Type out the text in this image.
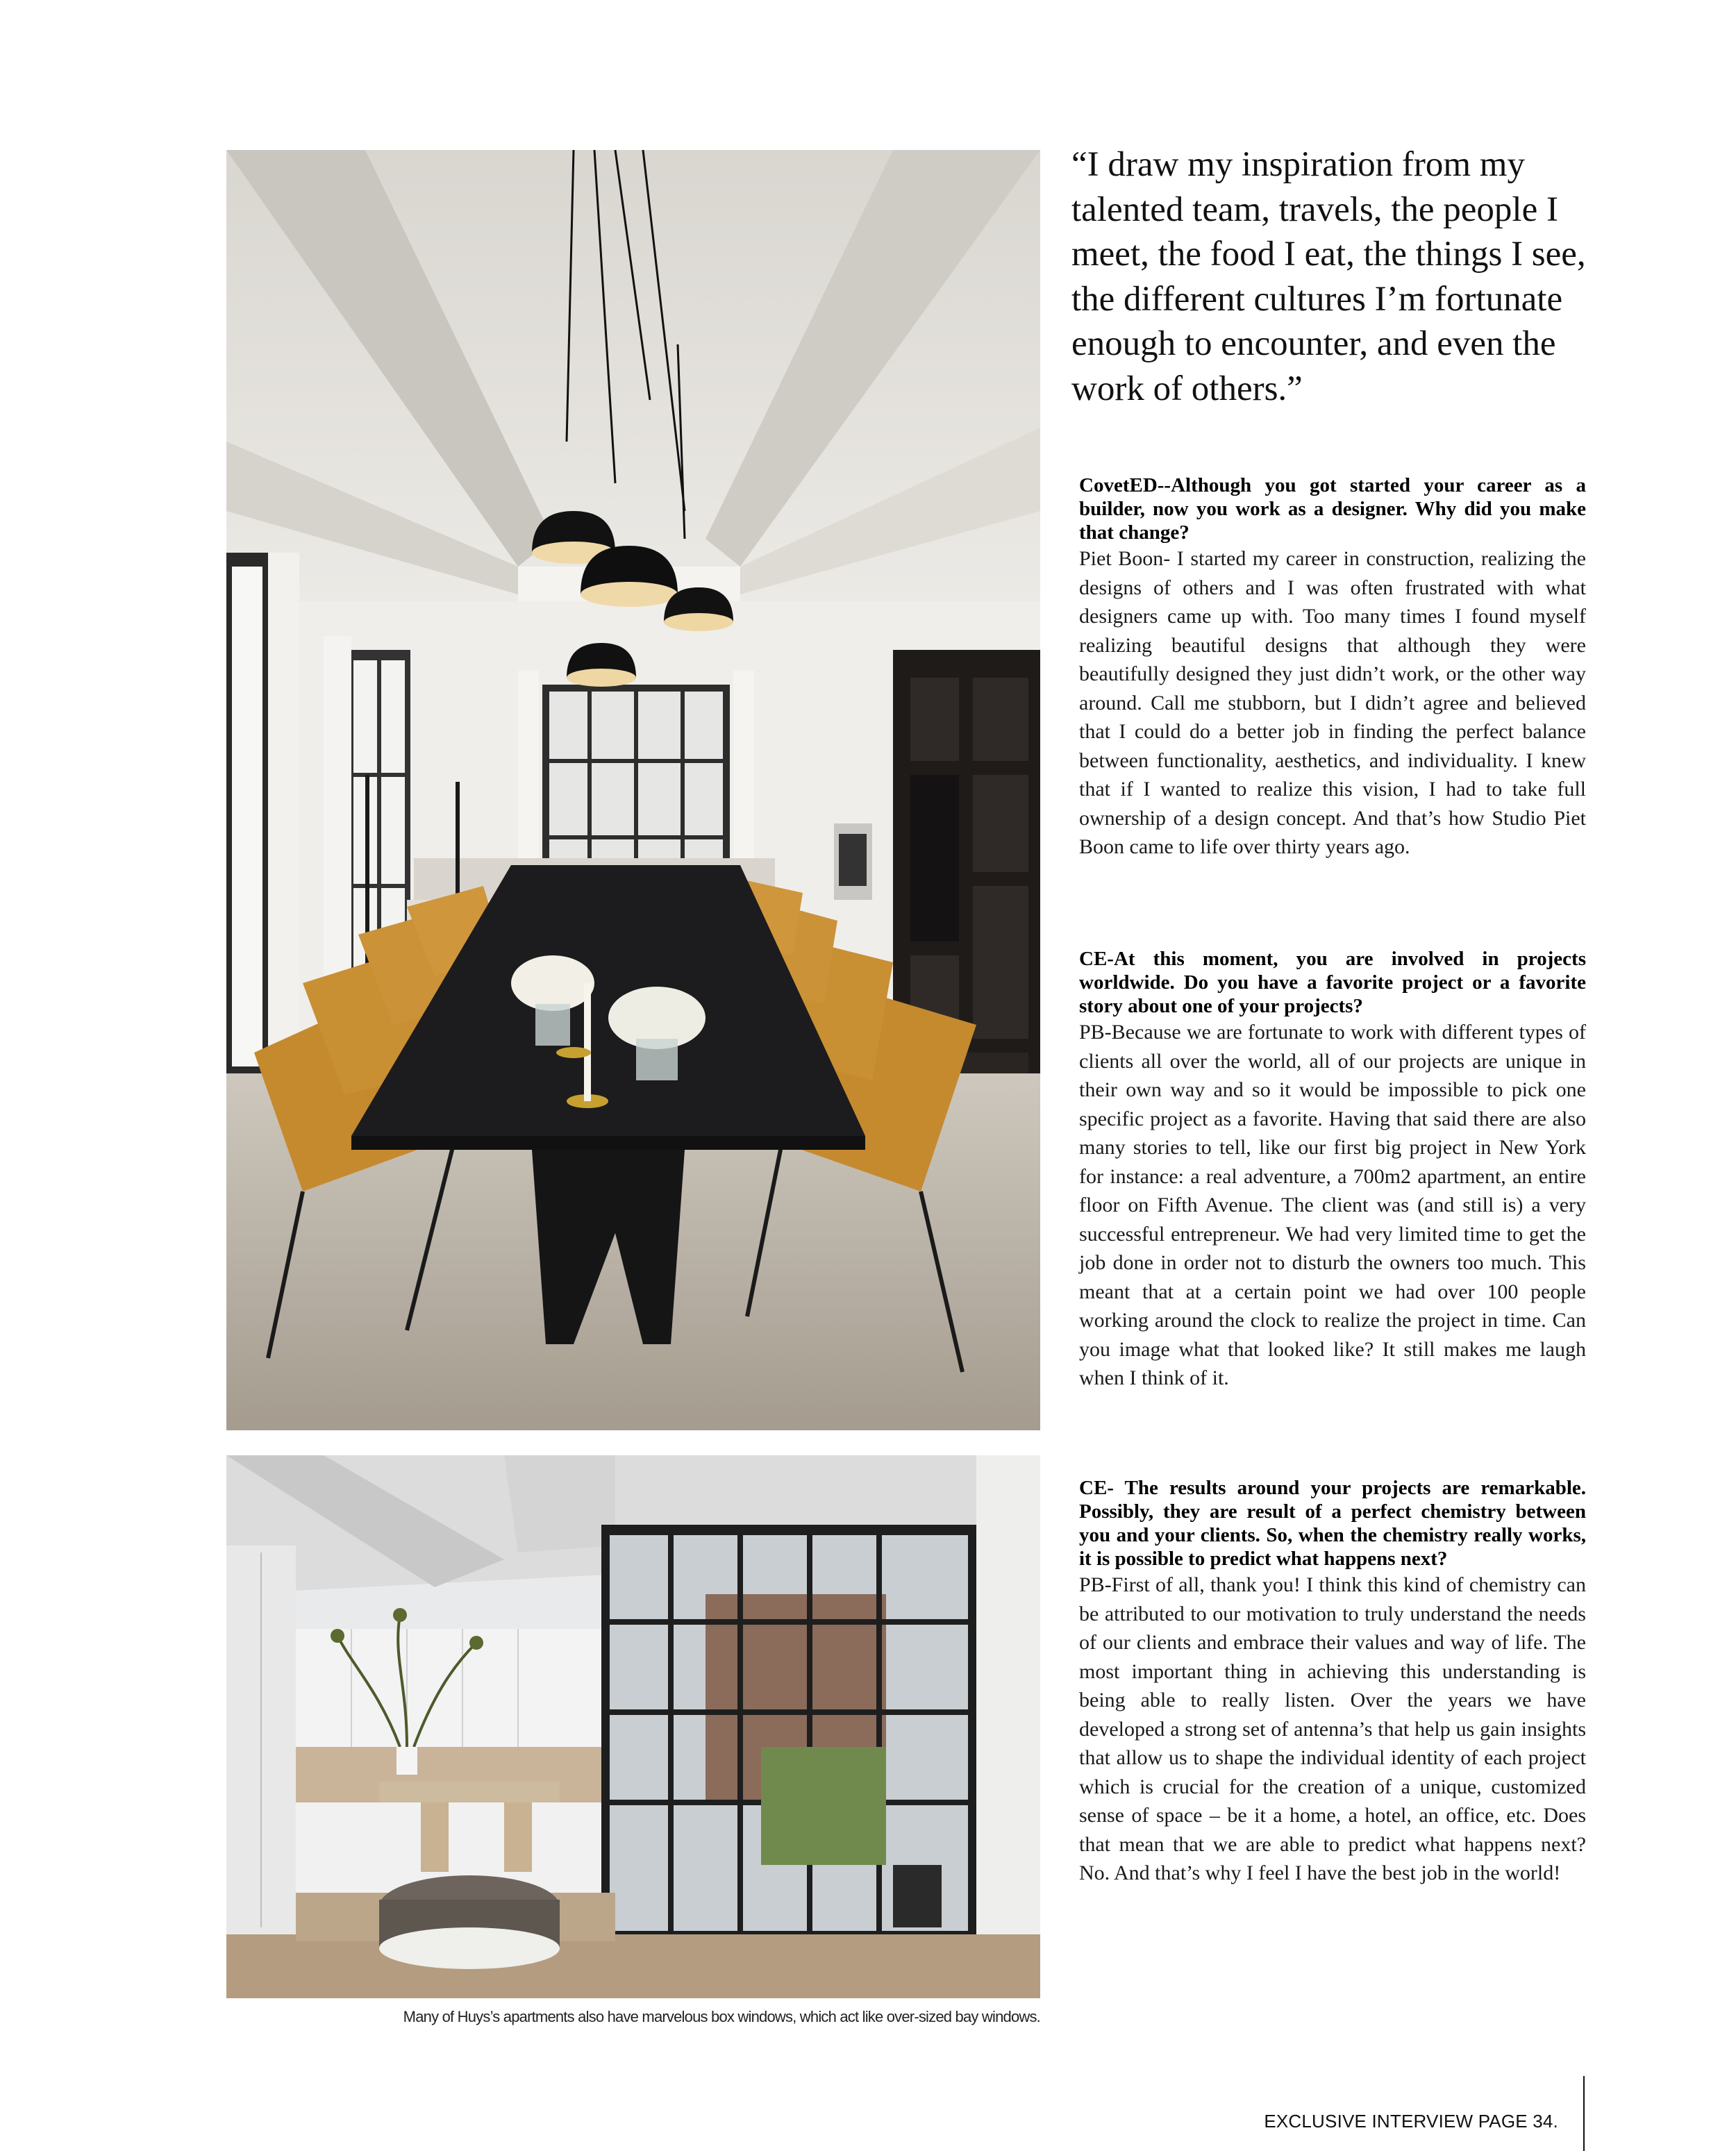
Many of Huys’s apartments also have marvelous box windows, which act like over-sized bay windows.

“I draw my inspiration from my talented team, travels, the people I meet, the food I eat, the things I see, the different cultures I’m fortunate enough to encounter, and even the work of others.”

CovetED--Although you got started your career as a builder, now you work as a designer. Why did you make that change?

Piet Boon- I started my career in construction, realizing the designs of others and I was often frustrated with what designers came up with. Too many times I found myself realizing beautiful designs that although they were beautifully designed they just didn’t work, or the other way around. Call me stubborn, but I didn’t agree and believed that I could do a better job in finding the perfect balance between functionality, aesthetics, and individuality. I knew that if I wanted to realize this vision, I had to take full ownership of a design concept. And that’s how Studio Piet Boon came to life over thirty years ago.

CE-At this moment, you are involved in projects worldwide. Do you have a favorite project or a favorite story about one of your projects?

PB-Because we are fortunate to work with different types of clients all over the world, all of our projects are unique in their own way and so it would be impossible to pick one specific project as a favorite. Having that said there are also many stories to tell, like our first big project in New York for instance: a real adventure, a 700m2 apartment, an entire floor on Fifth Avenue. The client was (and still is) a very successful entrepreneur. We had very limited time to get the job done in order not to disturb the owners too much. This meant that at a certain point we had over 100 people working around the clock to realize the project in time. Can you image what that looked like? It still makes me laugh when I think of it.

CE- The results around your projects are remarkable. Possibly, they are result of a perfect chemistry between you and your clients. So, when the chemistry really works, it is possible to predict what happens next?

PB-First of all, thank you! I think this kind of chemistry can be attributed to our motivation to truly understand the needs of our clients and embrace their values and way of life. The most important thing in achieving this understanding is being able to really listen. Over the years we have developed a strong set of antenna’s that help us gain insights that allow us to shape the individual identity of each project which is crucial for the creation of a unique, customized sense of space – be it a home, a hotel, an office, etc. Does that mean that we are able to predict what happens next? No. And that’s why I feel I have the best job in the world!

EXCLUSIVE INTERVIEW PAGE 34.
